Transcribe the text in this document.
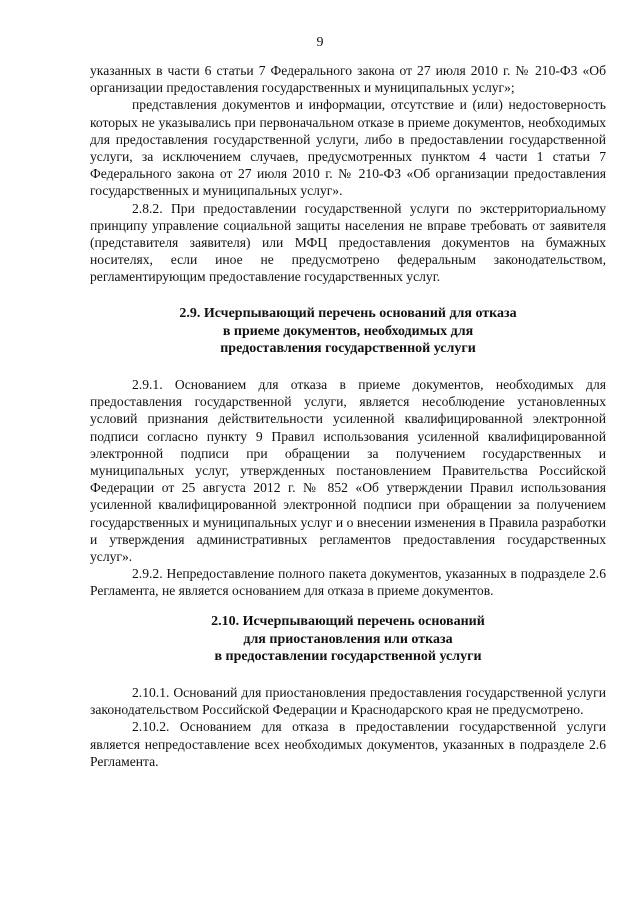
9

указанных в части 6 статьи 7 Федерального закона от 27 июля 2010 г. № 210-ФЗ «Об организации предоставления государственных и муниципальных услуг»;

представления документов и информации, отсутствие и (или) недостоверность которых не указывались при первоначальном отказе в приеме документов, необходимых для предоставления государственной услуги, либо в предоставлении государственной услуги, за исключением случаев, предусмотренных пунктом 4 части 1 статьи 7 Федерального закона от 27 июля 2010 г. № 210-ФЗ «Об организации предоставления государственных и муниципальных услуг».

2.8.2. При предоставлении государственной услуги по экстерриториальному принципу управление социальной защиты населения не вправе требовать от заявителя (представителя заявителя) или МФЦ предоставления документов на бумажных носителях, если иное не предусмотрено федеральным законодательством, регламентирующим предоставление государственных услуг.

2.9. Исчерпывающий перечень оснований для отказа

в приеме документов, необходимых для

предоставления государственной услуги

2.9.1. Основанием для отказа в приеме документов, необходимых для предоставления государственной услуги, является несоблюдение установленных условий признания действительности усиленной квалифицированной электронной подписи согласно пункту 9 Правил использования усиленной квалифицированной электронной подписи при обращении за получением государственных и муниципальных услуг, утвержденных постановлением Правительства Российской Федерации от 25 августа 2012 г. № 852 «Об утверждении Правил использования усиленной квалифицированной электронной подписи при обращении за получением государственных и муниципальных услуг и о внесении изменения в Правила разработки и утверждения административных регламентов предоставления государственных услуг».

2.9.2. Непредоставление полного пакета документов, указанных в подразделе 2.6 Регламента, не является основанием для отказа в приеме документов.

2.10. Исчерпывающий перечень оснований

для приостановления или отказа

в предоставлении государственной услуги

2.10.1. Оснований для приостановления предоставления государственной услуги законодательством Российской Федерации и Краснодарского края не предусмотрено.

2.10.2. Основанием для отказа в предоставлении государственной услуги является непредоставление всех необходимых документов, указанных в подразделе 2.6 Регламента.
